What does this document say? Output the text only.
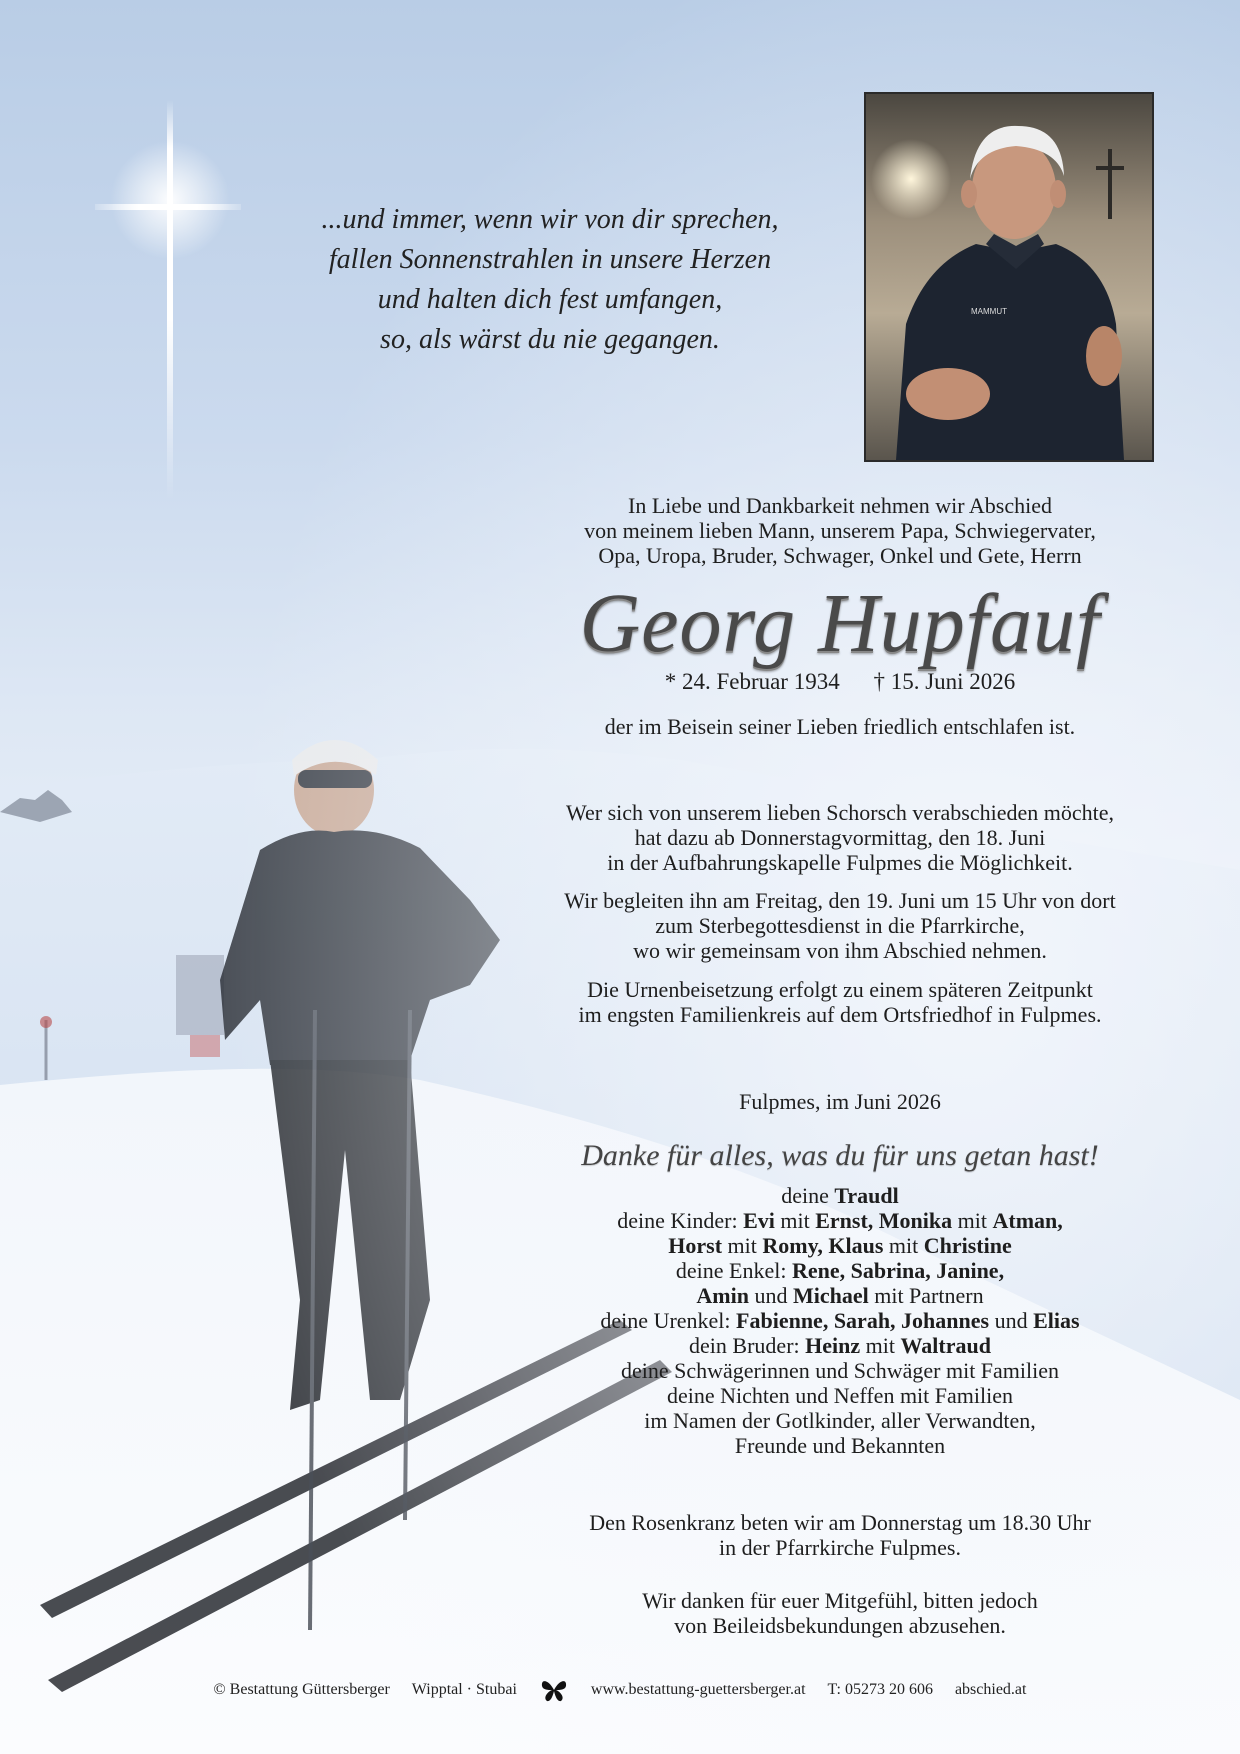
...und immer, wenn wir von dir sprechen,
fallen Sonnenstrahlen in unsere Herzen
und halten dich fest umfangen,
so, als wärst du nie gegangen.
MAMMUT
In Liebe und Dankbarkeit nehmen wir Abschied
von meinem lieben Mann, unserem Papa, Schwiegervater,
Opa, Uropa, Bruder, Schwager, Onkel und Gete, Herrn
Georg Hupfauf
* 24. Februar 1934 † 15. Juni 2026
der im Beisein seiner Lieben friedlich entschlafen ist.
Wer sich von unserem lieben Schorsch verabschieden möchte,
hat dazu ab Donnerstagvormittag, den 18. Juni
in der Aufbahrungskapelle Fulpmes die Möglichkeit.
Wir begleiten ihn am Freitag, den 19. Juni um 15 Uhr von dort
zum Sterbegottesdienst in die Pfarrkirche,
wo wir gemeinsam von ihm Abschied nehmen.
Die Urnenbeisetzung erfolgt zu einem späteren Zeitpunkt
im engsten Familienkreis auf dem Ortsfriedhof in Fulpmes.
Fulpmes, im Juni 2026
Danke für alles, was du für uns getan hast!
deine Traudl
deine Kinder: Evi mit Ernst, Monika mit Atman,
Horst mit Romy, Klaus mit Christine
deine Enkel: Rene, Sabrina, Janine,
Amin und Michael mit Partnern
deine Urenkel: Fabienne, Sarah, Johannes und Elias
dein Bruder: Heinz mit Waltraud
deine Schwägerinnen und Schwäger mit Familien
deine Nichten und Neffen mit Familien
im Namen der Gotlkinder, aller Verwandten,
Freunde und Bekannten
Den Rosenkranz beten wir am Donnerstag um 18.30 Uhr
in der Pfarrkirche Fulpmes.
Wir danken für euer Mitgefühl, bitten jedoch
von Beileidsbekundungen abzusehen.
© Bestattung Güttersberger Wipptal · Stubai	www.bestattung-guettersberger.at T: 05273 20 606 abschied.at
